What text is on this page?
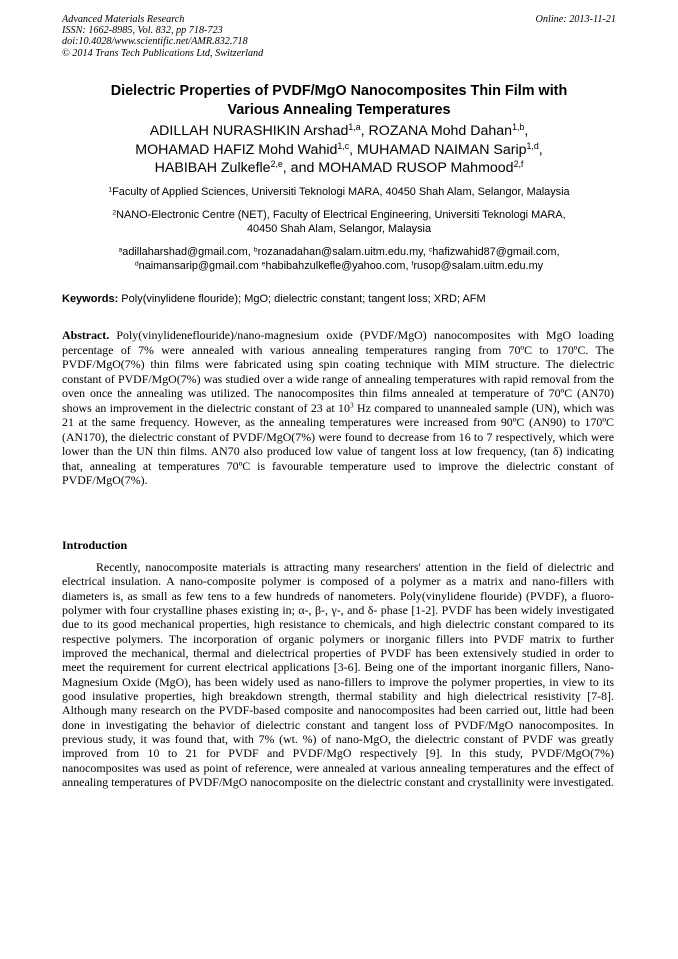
Advanced Materials Research
ISSN: 1662-8985, Vol. 832, pp 718-723
doi:10.4028/www.scientific.net/AMR.832.718
© 2014 Trans Tech Publications Ltd, Switzerland
Online: 2013-11-21
Dielectric Properties of PVDF/MgO Nanocomposites Thin Film with
Various Annealing Temperatures
ADILLAH NURASHIKIN Arshad$^{1,a}$, ROZANA Mohd Dahan$^{1,b}$,
MOHAMAD HAFIZ Mohd Wahid$^{1,c}$, MUHAMAD NAIMAN Sarip$^{1,d}$,
HABIBAH Zulkefle$^{2,e}$, and MOHAMAD RUSOP Mahmood$^{2,f}$
$^1$Faculty of Applied Sciences, Universiti Teknologi MARA, 40450 Shah Alam, Selangor, Malaysia
$^2$NANO-Electronic Centre (NET), Faculty of Electrical Engineering, Universiti Teknologi MARA,
40450 Shah Alam, Selangor, Malaysia
$^a$adillaharshad@gmail.com, $^b$rozanadahan@salam.uitm.edu.my, $^c$hafizwahid87@gmail.com,
$^d$naimansarip@gmail.com $^e$habibahzulkefle@yahoo.com, $^f$rusop@salam.uitm.edu.my
Keywords: Poly(vinylidene flouride); MgO; dielectric constant; tangent loss; XRD; AFM
Abstract. Poly(vinylideneflouride)/nano-magnesium oxide (PVDF/MgO) nanocomposites with MgO loading percentage of 7% were annealed with various annealing temperatures ranging from 70ºC to 170ºC. The PVDF/MgO(7%) thin films were fabricated using spin coating technique with MIM structure. The dielectric constant of PVDF/MgO(7%) was studied over a wide range of annealing temperatures with rapid removal from the oven once the annealing was utilized. The nanocomposites thin films annealed at temperature of 70ºC (AN70) shows an improvement in the dielectric constant of 23 at $10^3$ Hz compared to unannealed sample (UN), which was 21 at the same frequency. However, as the annealing temperatures were increased from 90ºC (AN90) to 170ºC (AN170), the dielectric constant of PVDF/MgO(7%) were found to decrease from 16 to 7 respectively, which were lower than the UN thin films. AN70 also produced low value of tangent loss at low frequency, (tan δ) indicating that, annealing at temperatures 70ºC is favourable temperature used to improve the dielectric constant of PVDF/MgO(7%).
Introduction
Recently, nanocomposite materials is attracting many researchers' attention in the field of dielectric and electrical insulation. A nano-composite polymer is composed of a polymer as a matrix and nano-fillers with diameters is, as small as few tens to a few hundreds of nanometers. Poly(vinylidene flouride) (PVDF), a fluoro-polymer with four crystalline phases existing in; α-, β-, γ-, and δ- phase [1-2]. PVDF has been widely investigated due to its good mechanical properties, high resistance to chemicals, and high dielectric constant compared to its respective polymers. The incorporation of organic polymers or inorganic fillers into PVDF matrix to further improved the mechanical, thermal and dielectrical properties of PVDF has been extensively studied in order to meet the requirement for current electrical applications [3-6]. Being one of the important inorganic fillers, Nano-Magnesium Oxide (MgO), has been widely used as nano-fillers to improve the polymer properties, in view to its good insulative properties, high breakdown strength, thermal stability and high dielectrical resistivity [7-8]. Although many research on the PVDF-based composite and nanocomposites had been carried out, little had been done in investigating the behavior of dielectric constant and tangent loss of PVDF/MgO nanocomposites. In previous study, it was found that, with 7% (wt. %) of nano-MgO, the dielectric constant of PVDF was greatly improved from 10 to 21 for PVDF and PVDF/MgO respectively [9]. In this study, PVDF/MgO(7%) nanocomposites was used as point of reference, were annealed at various annealing temperatures and the effect of annealing temperatures of PVDF/MgO nanocomposite on the dielectric constant and crystallinity were investigated.
